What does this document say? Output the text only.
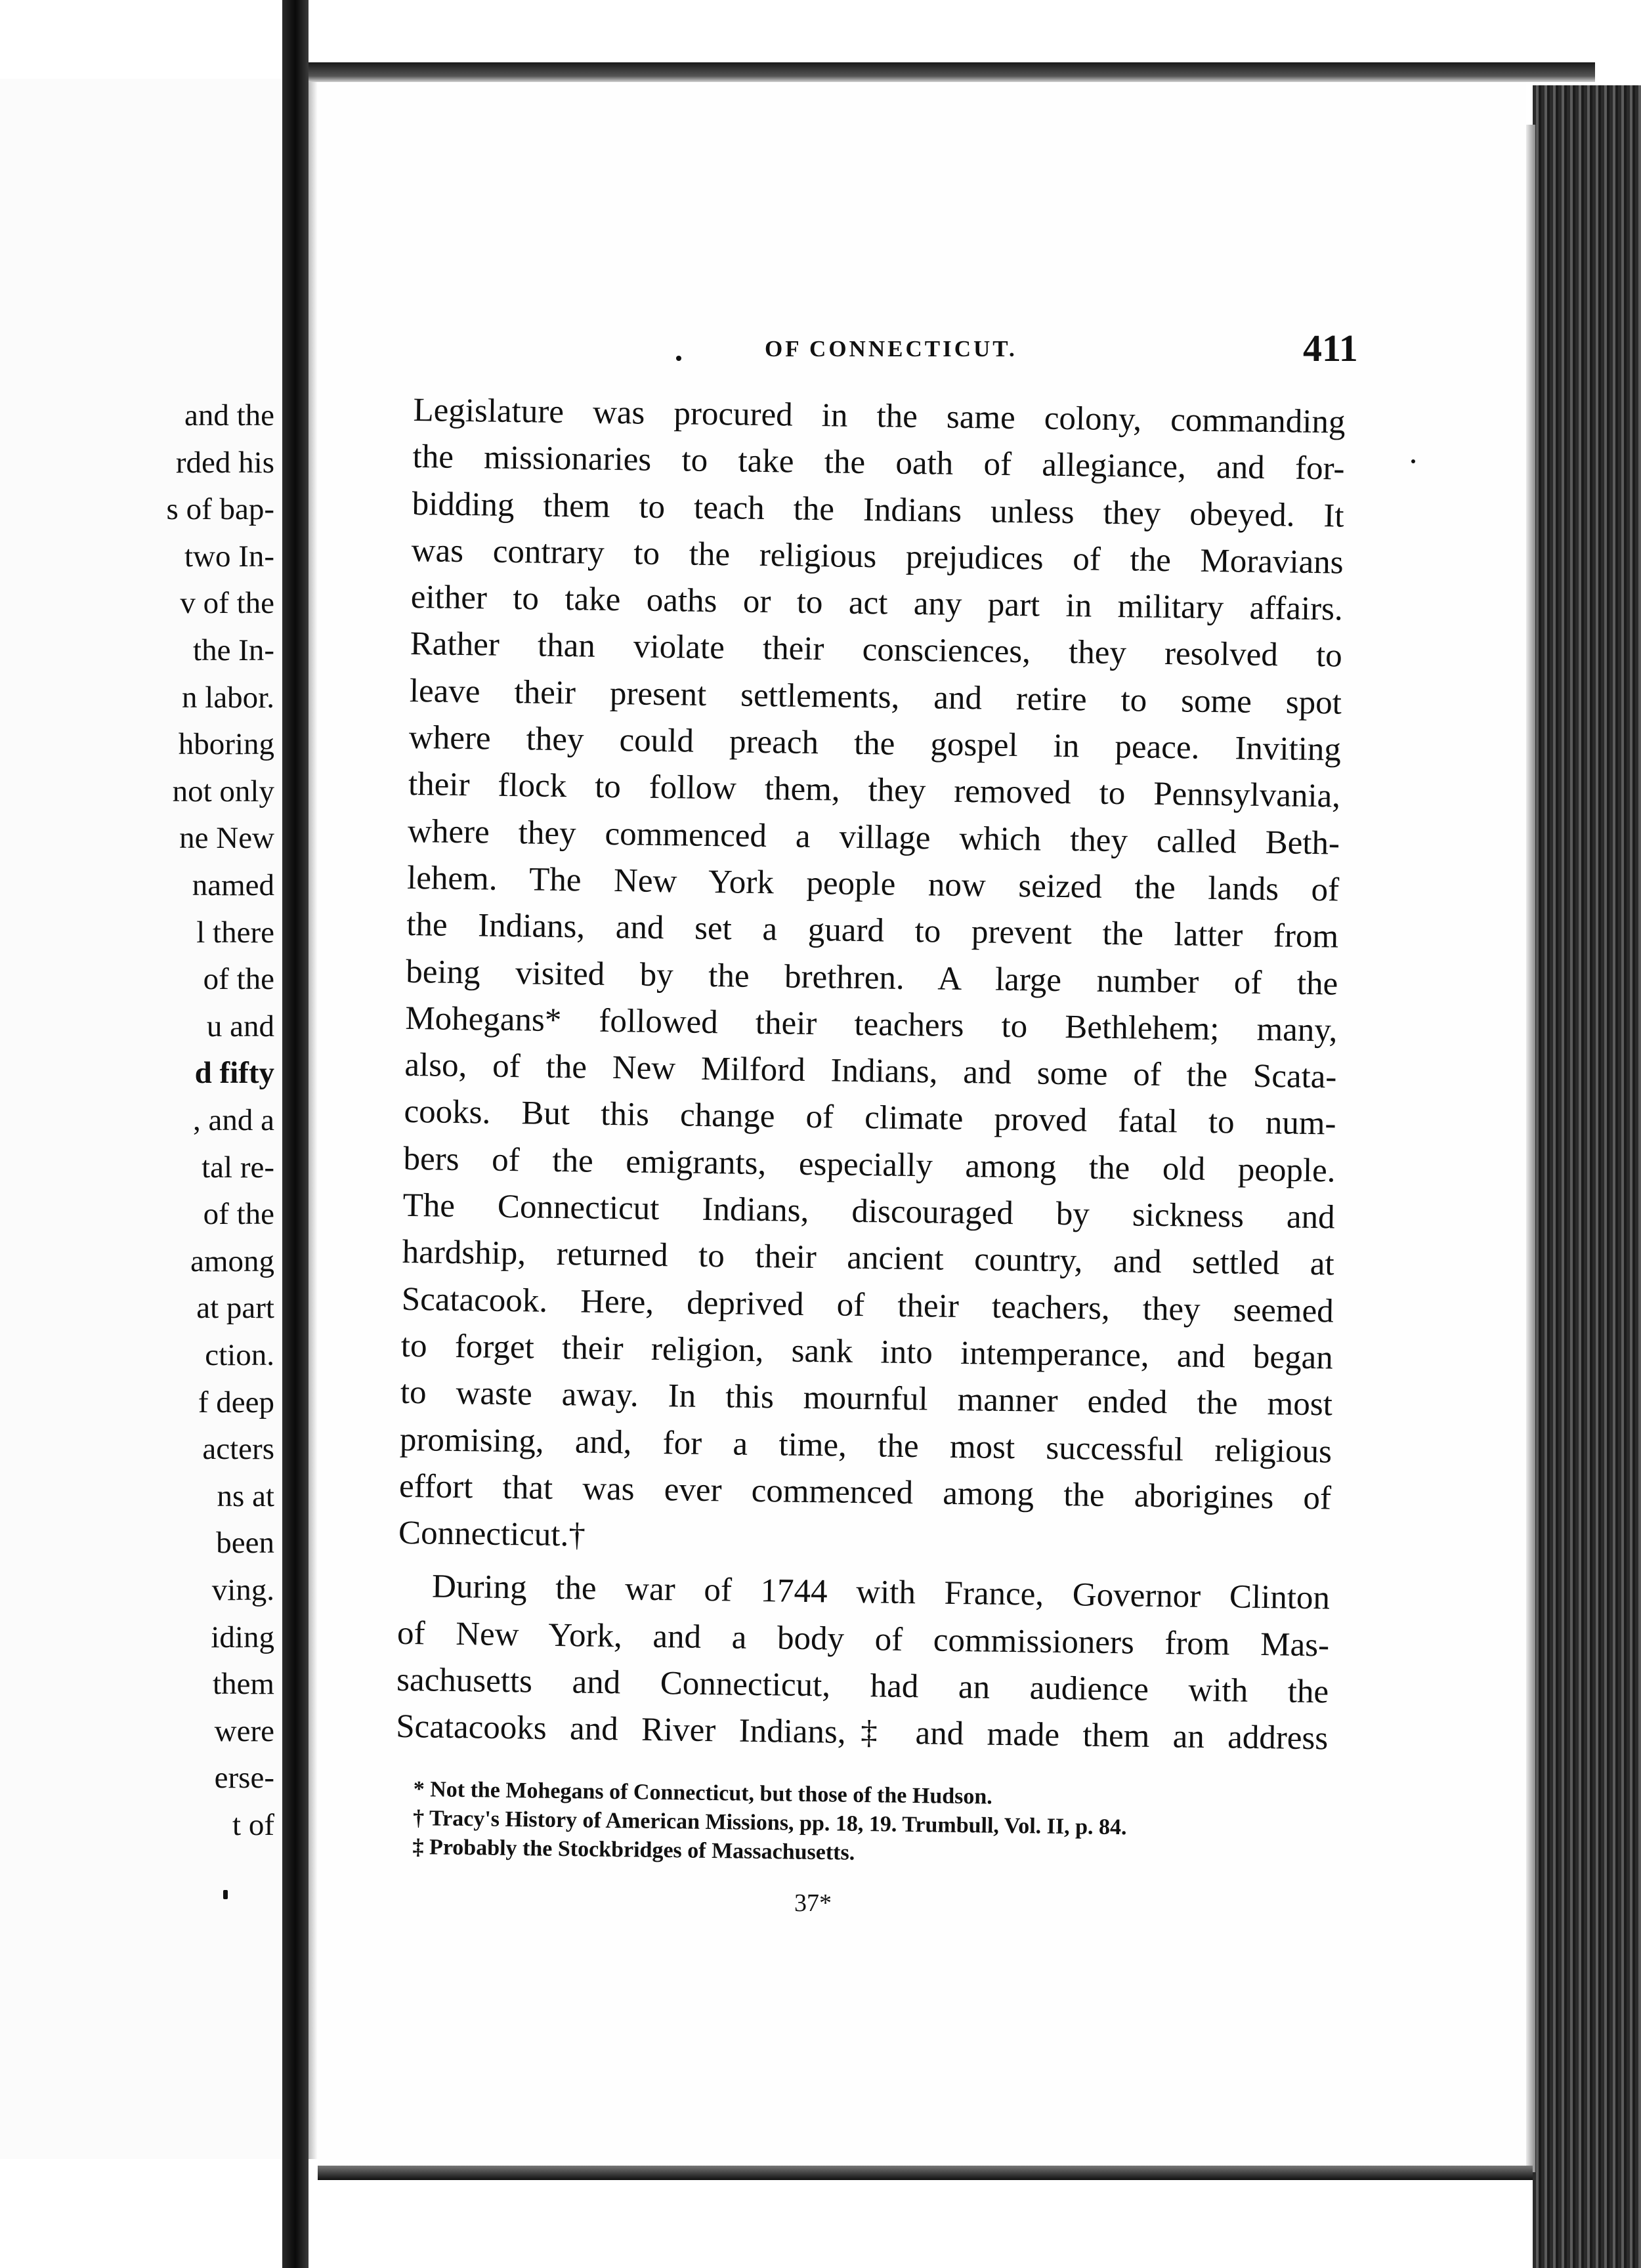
and the
rded his
s of bap-
two In-
v of the
the In-
n labor.
hboring
not only
ne New
named
l there
of the
u and
d fifty
, and a
tal re-
of the
among
at part
ction.
f deep
acters
ns at
been
ving.
iding
them
were
erse-
t of
OF CONNECTICUT.	411
Legislature was procured in the same colony, commanding
the missionaries to take the oath of allegiance, and for-
bidding them to teach the Indians unless they obeyed. It
was contrary to the religious prejudices of the Moravians
either to take oaths or to act any part in military affairs.
Rather than violate their consciences, they resolved to
leave their present settlements, and retire to some spot
where they could preach the gospel in peace. Inviting
their flock to follow them, they removed to Pennsylvania,
where they commenced a village which they called Beth-
lehem. The New York people now seized the lands of
the Indians, and set a guard to prevent the latter from
being visited by the brethren. A large number of the
Mohegans* followed their teachers to Bethlehem; many,
also, of the New Milford Indians, and some of the Scata-
cooks. But this change of climate proved fatal to num-
bers of the emigrants, especially among the old people.
The Connecticut Indians, discouraged by sickness and
hardship, returned to their ancient country, and settled at
Scatacook. Here, deprived of their teachers, they seemed
to forget their religion, sank into intemperance, and began
to waste away. In this mournful manner ended the most
promising, and, for a time, the most successful religious
effort that was ever commenced among the aborigines of
Connecticut.†
During the war of 1744 with France, Governor Clinton
of New York, and a body of commissioners from Mas-
sachusetts and Connecticut, had an audience with the
Scatacooks and River Indians,‡ and made them an address
* Not the Mohegans of Connecticut, but those of the Hudson.
† Tracy's History of American Missions, pp. 18, 19. Trumbull, Vol. II, p. 84.
‡ Probably the Stockbridges of Massachusetts.
37*
